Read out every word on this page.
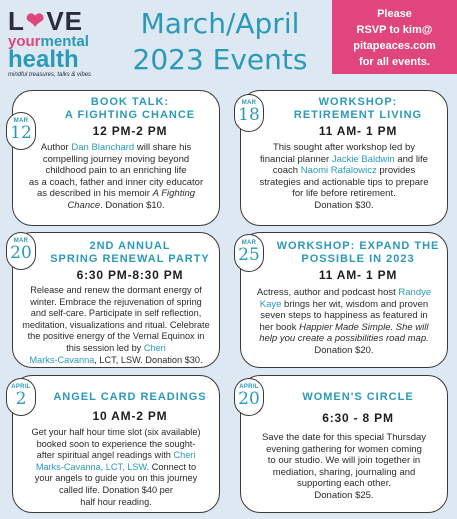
L ❤ VE
yourmental
health
mindful treasures, talks & vibes
March/April
2023 Events
Please
RSVP to kim@
pitapeaces.com
for all events.
MAR
12
BOOK TALK:
A FIGHTING CHANCE
12 PM-2 PM
Author Dan Blanchard will share his
compelling journey moving beyond
childhood pain to an enriching life
as a coach, father and inner city educator
as described in his memoir A Fighting
Chance. Donation $10.
MAR
18
WORKSHOP:
RETIREMENT LIVING
11 AM- 1 PM
This sought after workshop led by
financial planner Jackie Baldwin and life
coach Naomi Rafalowicz provides
strategies and actionable tips to prepare
for life before retirement.
Donation $30.
MAR
20	2ND ANNUAL
SPRING RENEWAL PARTY
6:30 PM-8:30 PM
Release and renew the dormant energy of
winter. Embrace the rejuvenation of spring
and self-care. Participate in self reflection,
meditation, visualizations and ritual. Celebrate
the positive energy of the Vernal Equinox in
this session led by Cheri
Marks-Cavanna, LCT, LSW. Donation $30.
MAR
25	WORKSHOP: EXPAND THE
POSSIBLE IN 2023
11 AM- 1 PM
Actress, author and podcast host Randye
Kaye brings her wit, wisdom and proven
seven steps to happiness as featured in
her book Happier Made Simple. She will
help you create a possibilities road map.
Donation $20.
APRIL
2	ANGEL CARD READINGS
10 AM-2 PM
Get your half hour time slot (six available)
booked soon to experience the sought-
after spiritual angel readings with Cheri
Marks-Cavanna, LCT, LSW. Connect to
your angels to guide you on this journey
called life. Donation $40 per
half hour reading.
APRIL
20	WOMEN'S CIRCLE
6:30 - 8 PM
Save the date for this special Thursday
evening gathering for women coming
to our studio. We will join together in
mediation, sharing, journaling and
supporting each other.
Donation $25.
